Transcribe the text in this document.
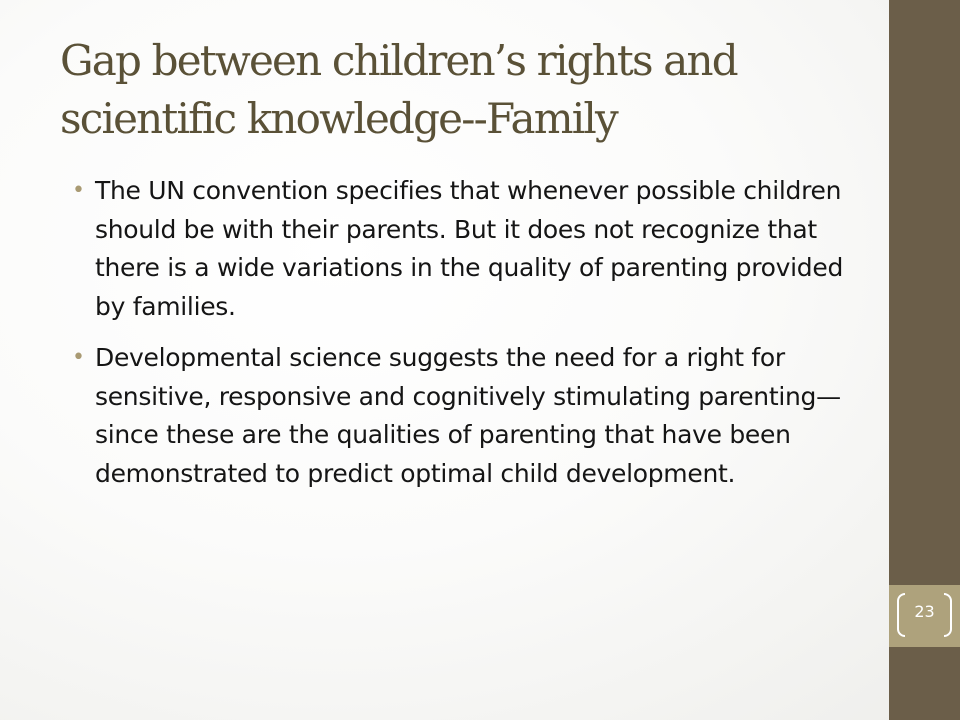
Gap between children’s rights and scientific knowledge--Family
• The UN convention specifies that whenever possible children should be with their parents. But it does not recognize that there is a wide variations in the quality of parenting provided by families.
• Developmental science suggests the need for a right for sensitive, responsive and cognitively stimulating parenting—since these are the qualities of parenting that have been demonstrated to predict optimal child development.
23
